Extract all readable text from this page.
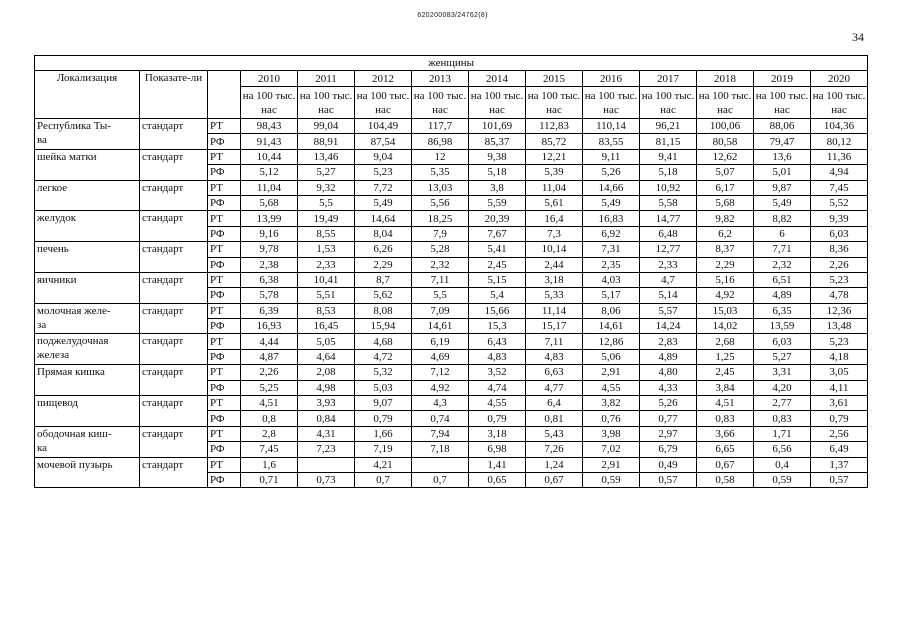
620200083/24762(8)
34
женщины													
Локализация	Показате-ли		2010	2011	2012	2013	2014	2015	2016	2017	2018	2019	2020
			на 100 тыс. нас	на 100 тыс. нас	на 100 тыс. нас	на 100 тыс. нас	на 100 тыс. нас	на 100 тыс. нас	на 100 тыс. нас	на 100 тыс. нас	на 100 тыс. нас	на 100 тыс. нас	на 100 тыс. нас

Республика Ты-
ва	стандарт	РТ	98,43	99,04	104,49	117,7	101,69	112,83	110,14	96,21	100,06	88,06	104,36
		РФ	91,43	88,91	87,54	86,98	85,37	85,72	83,55	81,15	80,58	79,47	80,12

шейка матки	стандарт	РТ	10,44	13,46	9,04	12	9,38	12,21	9,11	9,41	12,62	13,6	11,36
		РФ	5,12	5,27	5,23	5,35	5,18	5,39	5,26	5,18	5,07	5,01	4,94

легкое	стандарт	РТ	11,04	9,32	7,72	13,03	3,8	11,04	14,66	10,92	6,17	9,87	7,45
		РФ	5,68	5,5	5,49	5,56	5,59	5,61	5,49	5,58	5,68	5,49	5,52

желудок	стандарт	РТ	13,99	19,49	14,64	18,25	20,39	16,4	16,83	14,77	9,82	8,82	9,39
		РФ	9,16	8,55	8,04	7,9	7,67	7,3	6,92	6,48	6,2	6	6,03

печень	стандарт	РТ	9,78	1,53	6,26	5,28	5,41	10,14	7,31	12,77	8,37	7,71	8,36
		РФ	2,38	2,33	2,29	2,32	2,45	2,44	2,35	2,33	2,29	2,32	2,26

яичники	стандарт	РТ	6,38	10,41	8,7	7,11	5,15	3,18	4,03	4,7	5,16	6,51	5,23
		РФ	5,78	5,51	5,62	5,5	5,4	5,33	5,17	5,14	4,92	4,89	4,78

молочная желе-
за	стандарт	РТ	6,39	8,53	8,08	7,09	15,66	11,14	8,06	5,57	15,03	6,35	12,36
		РФ	16,93	16,45	15,94	14,61	15,3	15,17	14,61	14,24	14,02	13,59	13,48

поджелудочная
железа	стандарт	РТ	4,44	5,05	4,68	6,19	6,43	7,11	12,86	2,83	2,68	6,03	5,23
		РФ	4,87	4,64	4,72	4,69	4,83	4,83	5,06	4,89	1,25	5,27	4,18

Прямая кишка	стандарт	РТ	2,26	2,08	5,32	7,12	3,52	6,63	2,91	4,80	2,45	3,31	3,05
		РФ	5,25	4,98	5,03	4,92	4,74	4,77	4,55	4,33	3,84	4,20	4,11

пищевод	стандарт	РТ	4,51	3,93	9,07	4,3	4,55	6,4	3,82	5,26	4,51	2,77	3,61
		РФ	0,8	0,84	0,79	0,74	0,79	0,81	0,76	0,77	0,83	0,83	0,79

ободочная киш-
ка	стандарт	РТ	2,8	4,31	1,66	7,94	3,18	5,43	3,98	2,97	3,66	1,71	2,56
		РФ	7,45	7,23	7,19	7,18	6,98	7,26	7,02	6,79	6,65	6,56	6,49

мочевой пузырь	стандарт	РТ	1,6		4,21		1,41	1,24	2,91	0,49	0,67	0,4	1,37
		РФ	0,71	0,73	0,7	0,7	0,65	0,67	0,59	0,57	0,58	0,59	0,57
